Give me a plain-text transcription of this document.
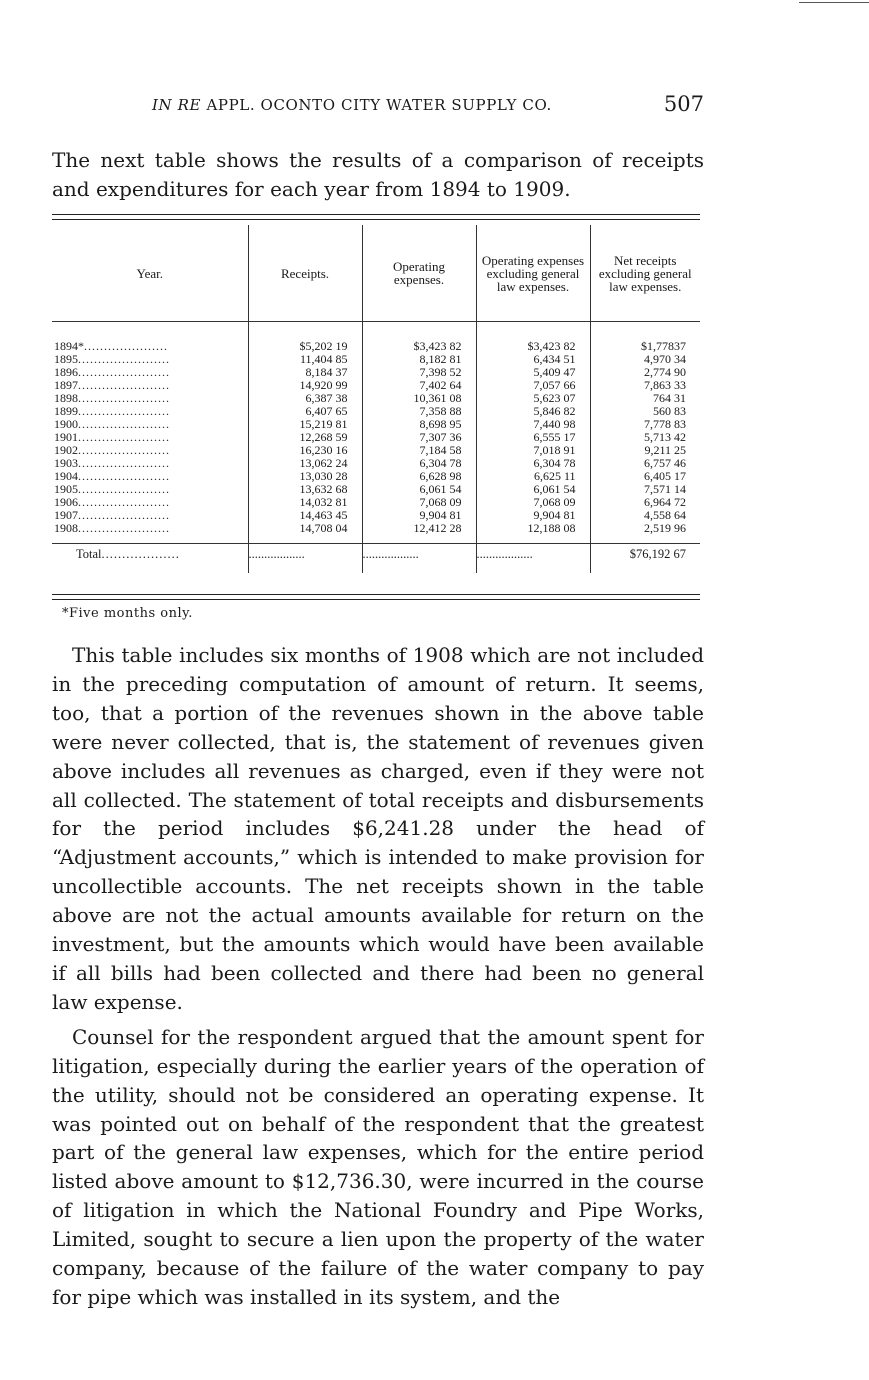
IN RE APPL. OCONTO CITY WATER SUPPLY CO.	507
The next table shows the results of a comparison of receipts and expenditures for each year from 1894 to 1909.
Year.	Receipts.	Operating expenses.	Operating expenses excluding general law expenses.	Net receipts excluding general law expenses.
1894*.....................	$5,202 19	$3,423 82	$3,423 82	$1,77837
1895.......................	11,404 85	8,182 81	6,434 51	4,970 34
1896.......................	8,184 37	7,398 52	5,409 47	2,774 90
1897.......................	14,920 99	7,402 64	7,057 66	7,863 33
1898.......................	6,387 38	10,361 08	5,623 07	764 31
1899.......................	6,407 65	7,358 88	5,846 82	560 83
1900.......................	15,219 81	8,698 95	7,440 98	7,778 83
1901.......................	12,268 59	7,307 36	6,555 17	5,713 42
1902.......................	16,230 16	7,184 58	7,018 91	9,211 25
1903.......................	13,062 24	6,304 78	6,304 78	6,757 46
1904.......................	13,030 28	6,628 98	6,625 11	6,405 17
1905.......................	13,632 68	6,061 54	6,061 54	7,571 14
1906.......................	14,032 81	7,068 09	7,068 09	6,964 72
1907.......................	14,463 45	9,904 81	9,904 81	4,558 64
1908.......................	14,708 04	12,412 28	12,188 08	2,519 96
Total...................	..................	..................	..................	$76,192 67
*Five months only.

This table includes six months of 1908 which are not included in the preceding computation of amount of return. It seems, too, that a portion of the revenues shown in the above table were never collected, that is, the statement of revenues given above includes all revenues as charged, even if they were not all collected. The statement of total receipts and disbursements for the period includes $6,241.28 under the head of “Adjustment accounts,” which is intended to make provision for uncollectible accounts. The net receipts shown in the table above are not the actual amounts available for return on the investment, but the amounts which would have been available if all bills had been collected and there had been no general law expense.

Counsel for the respondent argued that the amount spent for litigation, especially during the earlier years of the operation of the utility, should not be considered an operating expense. It was pointed out on behalf of the respondent that the greatest part of the general law expenses, which for the entire period listed above amount to $12,736.30, were incurred in the course of litigation in which the National Foundry and Pipe Works, Limited, sought to secure a lien upon the property of the water company, because of the failure of the water company to pay for pipe which was installed in its system, and the
